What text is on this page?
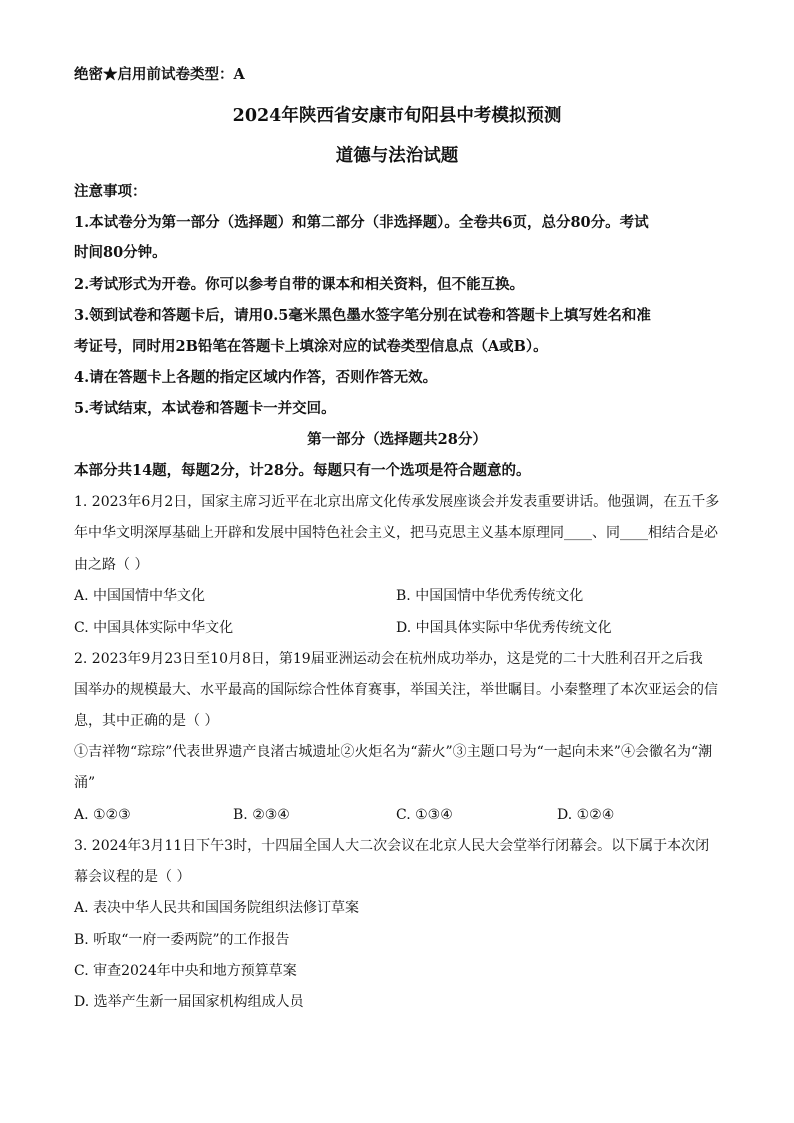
绝密★启用前试卷类型：A
2024年陕西省安康市旬阳县中考模拟预测
道德与法治试题
注意事项：
1.本试卷分为第一部分（选择题）和第二部分（非选择题）。全卷共6页，总分80分。考试
时间80分钟。
2.考试形式为开卷。你可以参考自带的课本和相关资料，但不能互换。
3.领到试卷和答题卡后，请用0.5毫米黑色墨水签字笔分别在试卷和答题卡上填写姓名和准
考证号，同时用2B铅笔在答题卡上填涂对应的试卷类型信息点（A或B）。
4.请在答题卡上各题的指定区域内作答，否则作答无效。
5.考试结束，本试卷和答题卡一并交回。
第一部分（选择题共28分）
本部分共14题，每题2分，计28分。每题只有一个选项是符合题意的。
1. 2023年6月2日，国家主席习近平在北京出席文化传承发展座谈会并发表重要讲话。他强调，在五千多
年中华文明深厚基础上开辟和发展中国特色社会主义，把马克思主义基本原理同____、同____相结合是必
由之路（ ）
A. 中国国情中华文化	B. 中国国情中华优秀传统文化
C. 中国具体实际中华文化	D. 中国具体实际中华优秀传统文化
2. 2023年9月23日至10月8日，第19届亚洲运动会在杭州成功举办，这是党的二十大胜利召开之后我
国举办的规模最大、水平最高的国际综合性体育赛事，举国关注，举世瞩目。小秦整理了本次亚运会的信
息，其中正确的是（ ）
①吉祥物“琮琮”代表世界遗产良渚古城遗址②火炬名为“薪火”③主题口号为“一起向未来”④会徽名为“潮
涌”
A. ①②③	B. ②③④	C. ①③④	D. ①②④
3. 2024年3月11日下午3时，十四届全国人大二次会议在北京人民大会堂举行闭幕会。以下属于本次闭
幕会议程的是（ ）
A. 表决中华人民共和国国务院组织法修订草案
B. 听取“一府一委两院”的工作报告
C. 审查2024年中央和地方预算草案
D. 选举产生新一届国家机构组成人员
